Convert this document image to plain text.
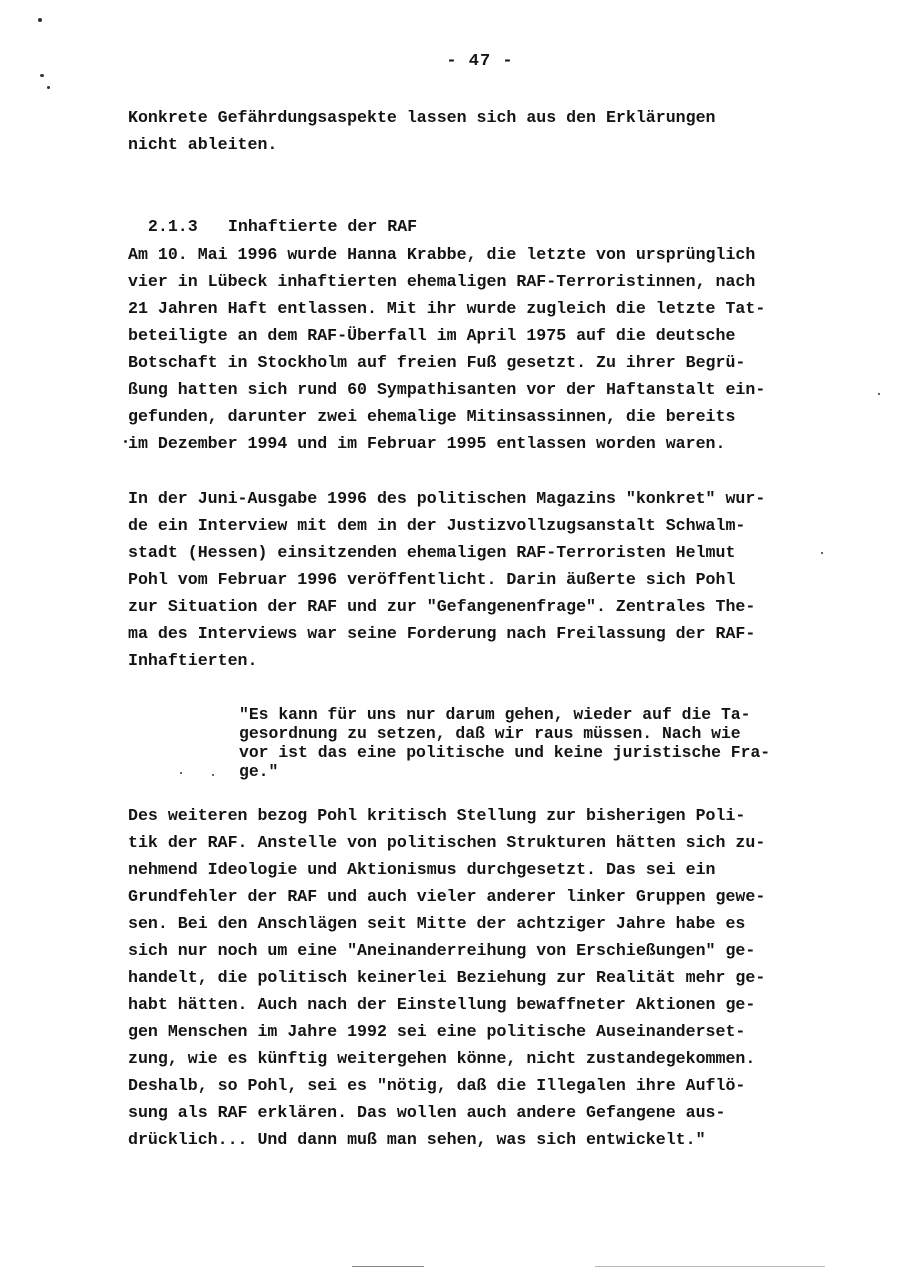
- 47 -
Konkrete Gefährdungsaspekte lassen sich aus den Erklärungen
nicht ableiten.

2.1.3 Inhaftierte der RAF

Am 10. Mai 1996 wurde Hanna Krabbe, die letzte von ursprünglich
vier in Lübeck inhaftierten ehemaligen RAF-Terroristinnen, nach
21 Jahren Haft entlassen. Mit ihr wurde zugleich die letzte Tat-
beteiligte an dem RAF-Überfall im April 1975 auf die deutsche
Botschaft in Stockholm auf freien Fuß gesetzt. Zu ihrer Begrü-
ßung hatten sich rund 60 Sympathisanten vor der Haftanstalt ein-
gefunden, darunter zwei ehemalige Mitinsassinnen, die bereits
im Dezember 1994 und im Februar 1995 entlassen worden waren.
In der Juni-Ausgabe 1996 des politischen Magazins "konkret" wur-
de ein Interview mit dem in der Justizvollzugsanstalt Schwalm-
stadt (Hessen) einsitzenden ehemaligen RAF-Terroristen Helmut
Pohl vom Februar 1996 veröffentlicht. Darin äußerte sich Pohl
zur Situation der RAF und zur "Gefangenenfrage". Zentrales The-
ma des Interviews war seine Forderung nach Freilassung der RAF-
Inhaftierten.
"Es kann für uns nur darum gehen, wieder auf die Ta-
gesordnung zu setzen, daß wir raus müssen. Nach wie
vor ist das eine politische und keine juristische Fra-
ge."
Des weiteren bezog Pohl kritisch Stellung zur bisherigen Poli-
tik der RAF. Anstelle von politischen Strukturen hätten sich zu-
nehmend Ideologie und Aktionismus durchgesetzt. Das sei ein
Grundfehler der RAF und auch vieler anderer linker Gruppen gewe-
sen. Bei den Anschlägen seit Mitte der achtziger Jahre habe es
sich nur noch um eine "Aneinanderreihung von Erschießungen" ge-
handelt, die politisch keinerlei Beziehung zur Realität mehr ge-
habt hätten. Auch nach der Einstellung bewaffneter Aktionen ge-
gen Menschen im Jahre 1992 sei eine politische Auseinanderset-
zung, wie es künftig weitergehen könne, nicht zustandegekommen.
Deshalb, so Pohl, sei es "nötig, daß die Illegalen ihre Auflö-
sung als RAF erklären. Das wollen auch andere Gefangene aus-
drücklich... Und dann muß man sehen, was sich entwickelt."
